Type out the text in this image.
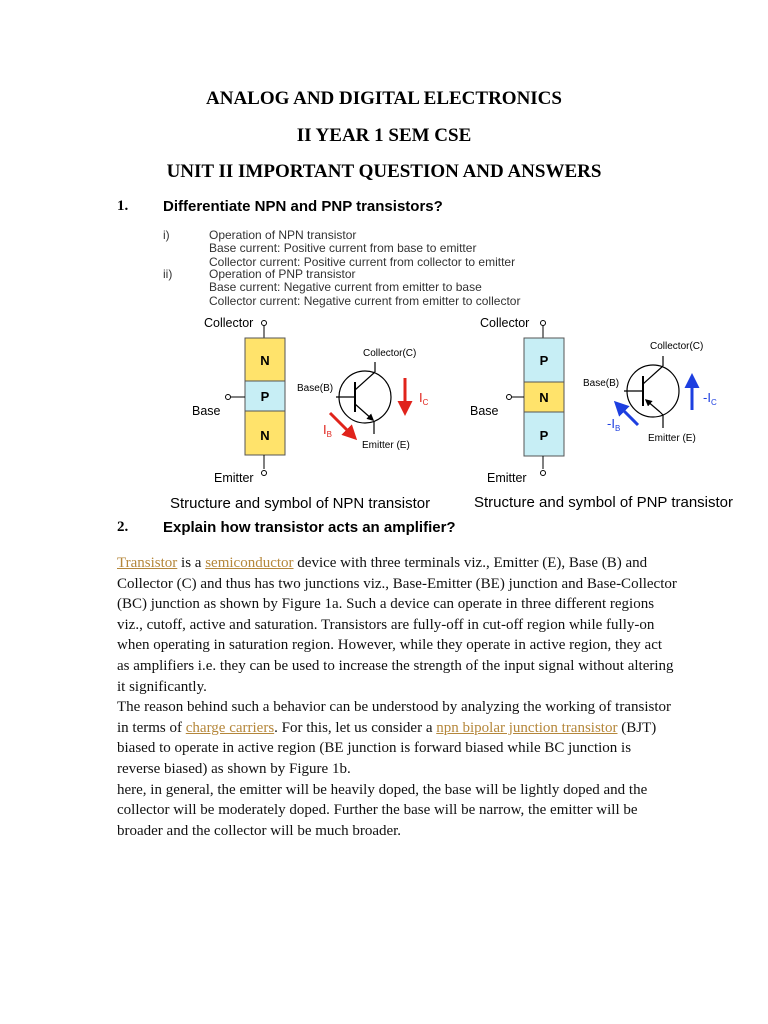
ANALOG AND DIGITAL ELECTRONICS
II YEAR 1 SEM CSE
UNIT II IMPORTANT QUESTION AND ANSWERS
1. Differentiate NPN and PNP transistors?
i)	Operation of NPN transistor
Base current: Positive current from base to emitter
Collector current: Positive current from collector to emitter
ii)	Operation of PNP transistor
Base current: Negative current from emitter to base
Collector current: Negative current from emitter to collector
Collector
N
P
N
Base
Emitter
Collector(C)
Base(B)
Emitter (E)
$I_C$
$I_B$
Collector
P
N
P
Base
Emitter
Collector(C)
Base(B)
Emitter (E)
$-I_C$
$-I_B$
Structure and symbol of NPN transistor	Structure and symbol of PNP transistor
2. Explain how transistor acts an amplifier?

Transistor is a semiconductor device with three terminals viz., Emitter (E), Base (B) and Collector (C) and thus has two junctions viz., Base-Emitter (BE) junction and Base-Collector (BC) junction as shown by Figure 1a. Such a device can operate in three different regions viz., cutoff, active and saturation. Transistors are fully-off in cut-off region while fully-on when operating in saturation region. However, while they operate in active region, they act as amplifiers i.e. they can be used to increase the strength of the input signal without altering it significantly.

The reason behind such a behavior can be understood by analyzing the working of transistor in terms of charge carriers. For this, let us consider a npn bipolar junction transistor (BJT) biased to operate in active region (BE junction is forward biased while BC junction is reverse biased) as shown by Figure 1b.

here, in general, the emitter will be heavily doped, the base will be lightly doped and the collector will be moderately doped. Further the base will be narrow, the emitter will be broader and the collector will be much broader.
